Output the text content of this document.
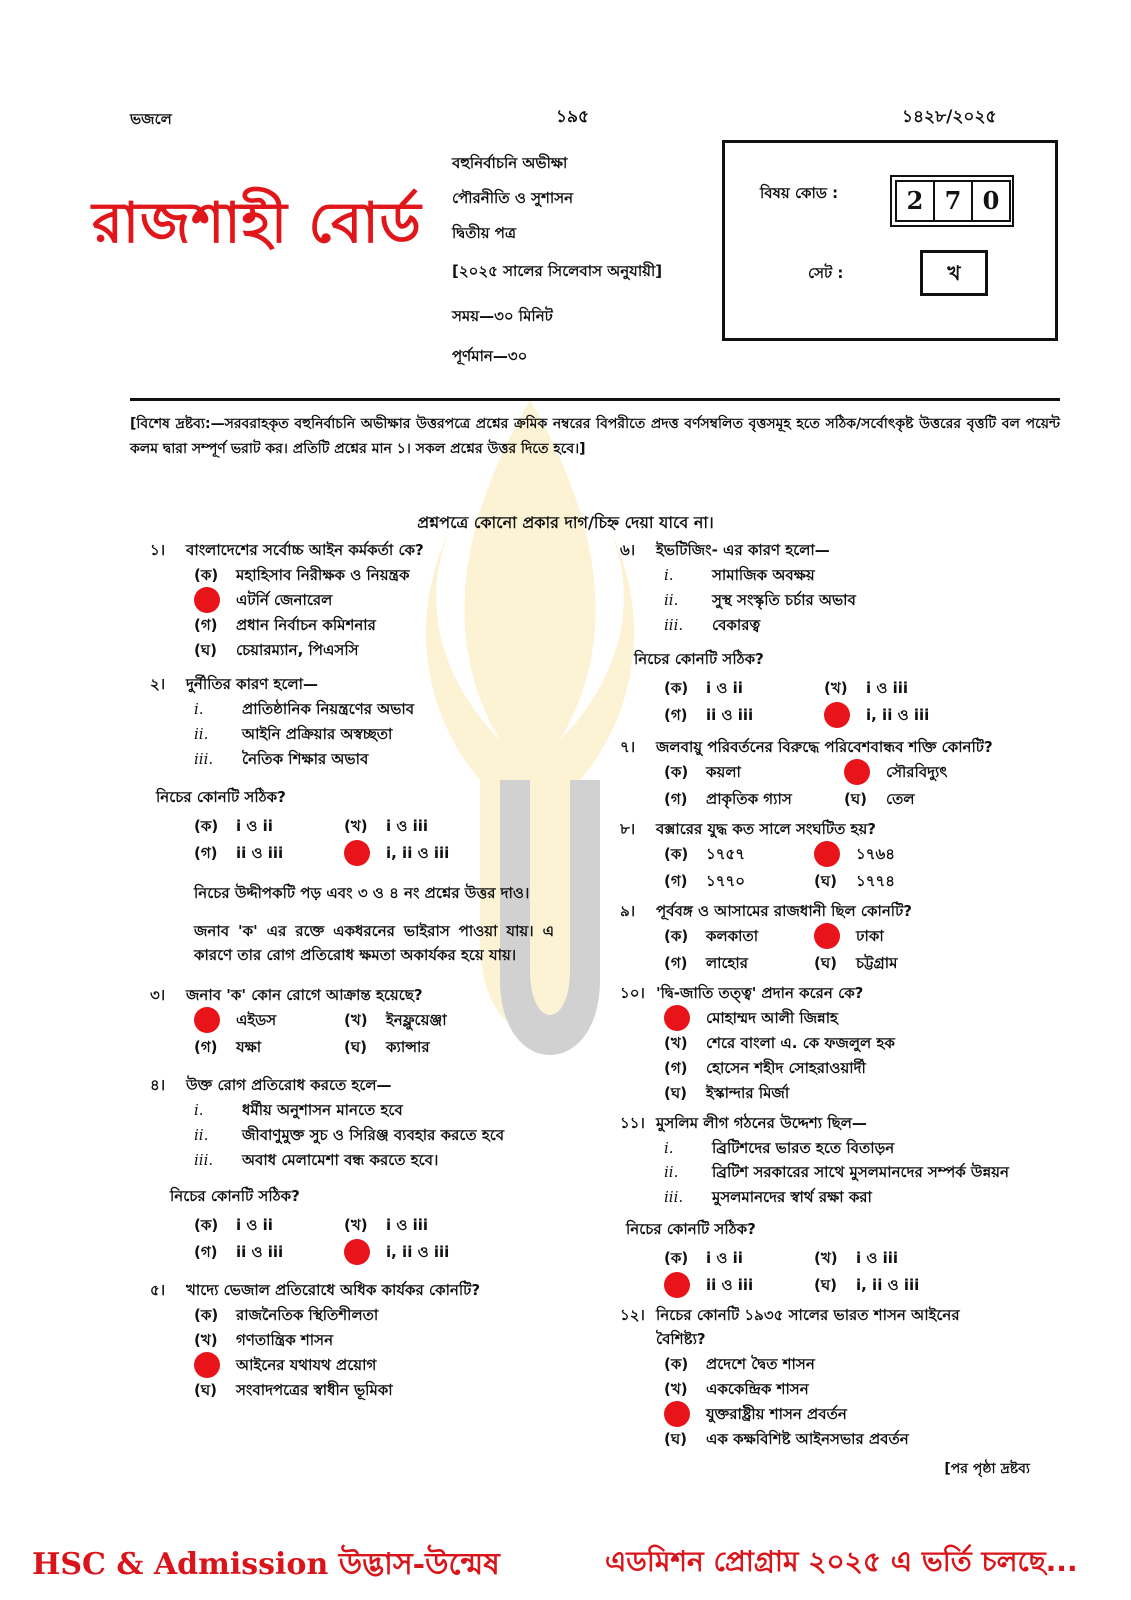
ভজলে	১৯৫	১৪২৮/২০২৫
রাজশাহী বোর্ড
বহুনির্বাচনি অভীক্ষা
পৌরনীতি ও সুশাসন
দ্বিতীয় পত্র
[২০২৫ সালের সিলেবাস অনুযায়ী]
সময়—৩০ মিনিট
পূর্ণমান—৩০
বিষয় কোড :	2 7 0
সেট :	খ
[বিশেষ দ্রষ্টব্য:—সরবরাহকৃত বহুনির্বাচনি অভীক্ষার উত্তরপত্রে প্রশ্নের ক্রমিক নম্বরের বিপরীতে প্রদত্ত বর্ণসম্বলিত বৃত্তসমূহ হতে সঠিক/সর্বোৎকৃষ্ট উত্তরের বৃত্তটি বল পয়েন্ট কলম দ্বারা সম্পূর্ণ ভরাট কর। প্রতিটি প্রশ্নের মান ১। সকল প্রশ্নের উত্তর দিতে হবে।]
প্রশ্নপত্রে কোনো প্রকার দাগ/চিহ্ন দেয়া যাবে না।
১। বাংলাদেশের সর্বোচ্চ আইন কর্মকর্তা কে?
(ক)	মহাহিসাব নিরীক্ষক ও নিয়ন্ত্রক
এটর্নি জেনারেল
(গ)	প্রধান নির্বাচন কমিশনার
(ঘ)	চেয়ারম্যান, পিএসসি
২। দুর্নীতির কারণ হলো—
i.	প্রাতিষ্ঠানিক নিয়ন্ত্রণের অভাব
ii.	আইনি প্রক্রিয়ার অস্বচ্ছতা
iii.	নৈতিক শিক্ষার অভাব
নিচের কোনটি সঠিক?
(ক)	i ও ii	(খ)	i ও iii
(গ)	ii ও iii	i, ii ও iii
নিচের উদ্দীপকটি পড় এবং ৩ ও ৪ নং প্রশ্নের উত্তর দাও।
জনাব 'ক' এর রক্তে একধরনের ভাইরাস পাওয়া যায়। এ কারণে তার রোগ প্রতিরোধ ক্ষমতা অকার্যকর হয়ে যায়।
৩। জনাব 'ক' কোন রোগে আক্রান্ত হয়েছে?
এইডস	(খ)	ইনফ্লুয়েঞ্জা
(গ)	যক্ষা	(ঘ)	ক্যান্সার
৪। উক্ত রোগ প্রতিরোধ করতে হলে—
i.	ধর্মীয় অনুশাসন মানতে হবে
ii.	জীবাণুমুক্ত সুচ ও সিরিঞ্জ ব্যবহার করতে হবে
iii.	অবাধ মেলামেশা বন্ধ করতে হবে।
নিচের কোনটি সঠিক?
(ক)	i ও ii	(খ)	i ও iii
(গ)	ii ও iii	i, ii ও iii
৫। খাদ্যে ভেজাল প্রতিরোধে অধিক কার্যকর কোনটি?
(ক)	রাজনৈতিক স্থিতিশীলতা
(খ)	গণতান্ত্রিক শাসন
আইনের যথাযথ প্রয়োগ
(ঘ)	সংবাদপত্রের স্বাধীন ভূমিকা
৬। ইভটিজিং- এর কারণ হলো—
i.	সামাজিক অবক্ষয়
ii.	সুস্থ সংস্কৃতি চর্চার অভাব
iii.	বেকারত্ব
নিচের কোনটি সঠিক?
(ক)	i ও ii	(খ)	i ও iii
(গ)	ii ও iii	i, ii ও iii
৭।	জলবায়ু পরিবর্তনের বিরুদ্ধে পরিবেশবান্ধব শক্তি কোনটি?
(ক)	কয়লা	সৌরবিদ্যুৎ
(গ)	প্রাকৃতিক গ্যাস	(ঘ)	তেল
৮। বক্সারের যুদ্ধ কত সালে সংঘটিত হয়?
(ক)	১৭৫৭	১৭৬৪
(গ)	১৭৭০	(ঘ)	১৭৭৪
৯। পূর্ববঙ্গ ও আসামের রাজধানী ছিল কোনটি?
(ক)	কলকাতা	ঢাকা
(গ)	লাহোর	(ঘ)	চট্টগ্রাম
১০। 'দ্বি-জাতি তত্ত্ব' প্রদান করেন কে?
মোহাম্মদ আলী জিন্নাহ
(খ)	শেরে বাংলা এ. কে ফজলুল হক
(গ)	হোসেন শহীদ সোহরাওয়ার্দী
(ঘ)	ইস্কান্দার মির্জা
১১। মুসলিম লীগ গঠনের উদ্দেশ্য ছিল—
i.	ব্রিটিশদের ভারত হতে বিতাড়ন
ii.	ব্রিটিশ সরকারের সাথে মুসলমানদের সম্পর্ক উন্নয়ন
iii.	মুসলমানদের স্বার্থ রক্ষা করা
নিচের কোনটি সঠিক?
(ক)	i ও ii	(খ)	i ও iii
ii ও iii	(ঘ)	i, ii ও iii
১২। নিচের কোনটি ১৯৩৫ সালের ভারত শাসন আইনের বৈশিষ্ট্য?
(ক)	প্রদেশে দ্বৈত শাসন
(খ)	এককেন্দ্রিক শাসন
যুক্তরাষ্ট্রীয় শাসন প্রবর্তন
(ঘ)	এক কক্ষবিশিষ্ট আইনসভার প্রবর্তন
[পর পৃষ্ঠা দ্রষ্টব্য
HSC & Admission উদ্ভাস-উন্মেষ	এডমিশন প্রোগ্রাম ২০২৫ এ ভর্তি চলছে...
